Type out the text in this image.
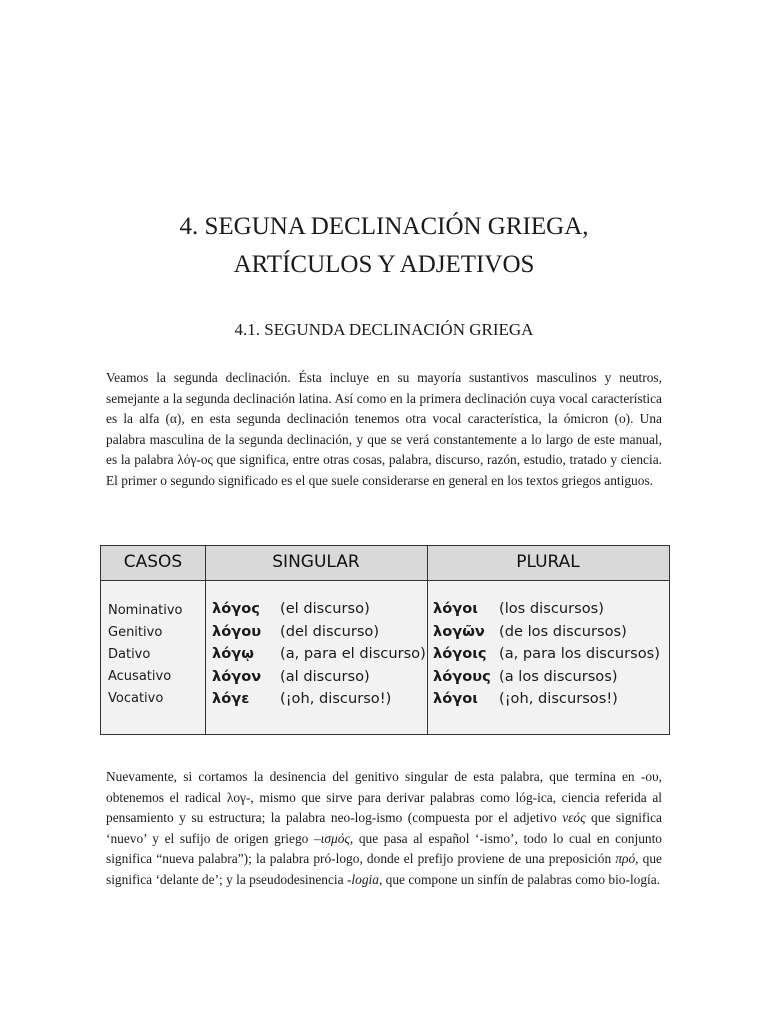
4. SEGUNA DECLINACIÓN GRIEGA,
ARTÍCULOS Y ADJETIVOS
4.1. SEGUNDA DECLINACIÓN GRIEGA

Veamos la segunda declinación. Ésta incluye en su mayoría sustantivos masculinos y neutros, semejante a la segunda declinación latina. Así como en la primera declinación cuya vocal característica es la alfa (α), en esta segunda declinación tenemos otra vocal característica, la ómicron (ο). Una palabra masculina de la segunda declinación, y que se verá constantemente a lo largo de este manual, es la palabra λόγ-ος que significa, entre otras cosas, palabra, discurso, razón, estudio, tratado y ciencia. El primer o segundo significado es el que suele considerarse en general en los textos griegos antiguos.

CASOS	SINGULAR	PLURAL
Nominativo
Genitivo
Dativo
Acusativo
Vocativo
λόγος (el discurso)
λόγου (del discurso)
λόγῳ (a, para el discurso)
λόγον (al discurso)
λόγε (¡oh, discurso!)
λόγοι (los discursos)
λογῶν (de los discursos)
λόγοις (a, para los discursos)
λόγους (a los discursos)
λόγοι (¡oh, discursos!)

Nuevamente, si cortamos la desinencia del genitivo singular de esta palabra, que termina en -ου, obtenemos el radical λογ-, mismo que sirve para derivar palabras como lóg-ica, ciencia referida al pensamiento y su estructura; la palabra neo-log-ismo (compuesta por el adjetivo νεός que significa ‘nuevo’ y el sufijo de origen griego –ισμός, que pasa al español ‘-ismo’, todo lo cual en conjunto significa “nueva palabra”); la palabra pró-logo, donde el prefijo proviene de una preposición πρό, que significa ‘delante de’; y la pseudodesinencia -logia, que compone un sinfín de palabras como bio-logía.
